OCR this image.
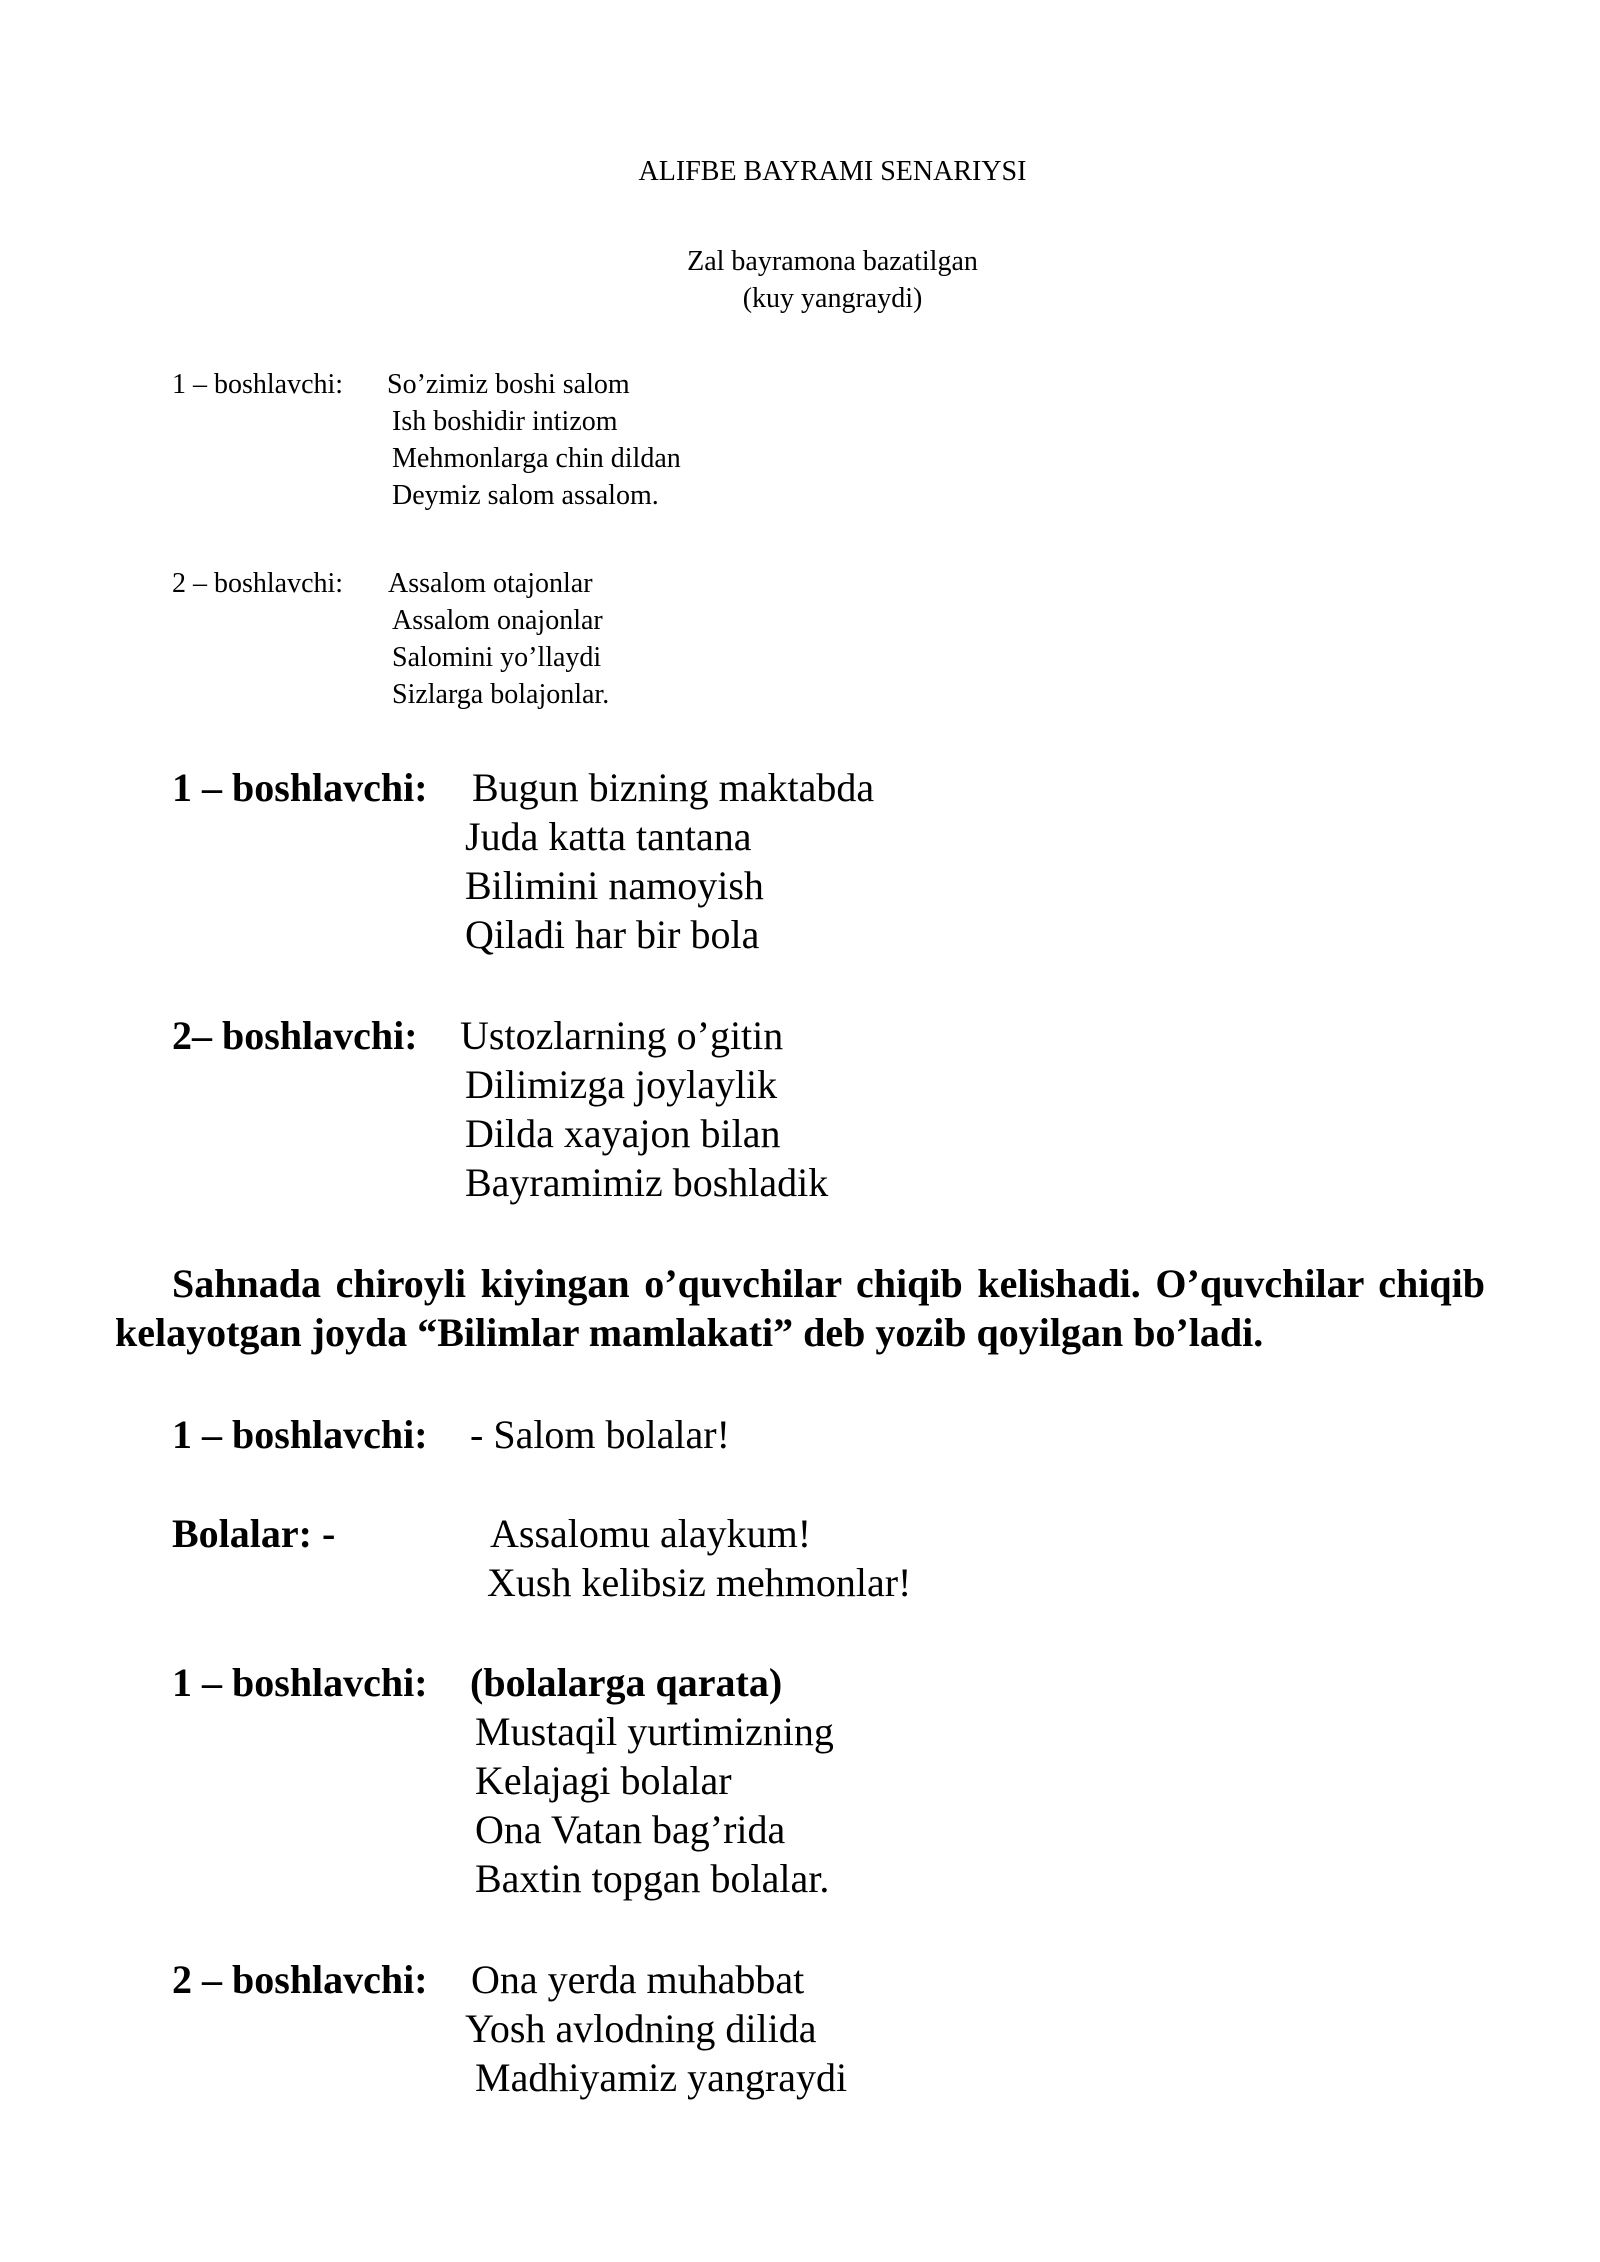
ALIFBE BAYRAMI SENARIYSI
Zal bayramona bazatilgan
(kuy yangraydi)
1 – boshlavchi: So’zimiz boshi salom
Ish boshidir intizom
Mehmonlarga chin dildan
Deymiz salom assalom.
2 – boshlavchi: Assalom otajonlar
Assalom onajonlar
Salomini yo’llaydi
Sizlarga bolajonlar.
1 – boshlavchi: Bugun bizning maktabda
Juda katta tantana
Bilimini namoyish
Qiladi har bir bola
2– boshlavchi: Ustozlarning o’gitin
Dilimizga joylaylik
Dilda xayajon bilan
Bayramimiz boshladik
Sahnada chiroyli kiyingan o’quvchilar chiqib kelishadi. O’quvchilar chiqib kelayotgan joyda “Bilimlar mamlakati” deb yozib qoyilgan bo’ladi.
1 – boshlavchi: - Salom bolalar!
Bolalar: -	Assalomu alaykum!
Xush kelibsiz mehmonlar!
1 – boshlavchi: (bolalarga qarata)
Mustaqil yurtimizning
Kelajagi bolalar
Ona Vatan bag’rida
Baxtin topgan bolalar.
2 – boshlavchi: Ona yerda muhabbat
Yosh avlodning dilida
Madhiyamiz yangraydi
